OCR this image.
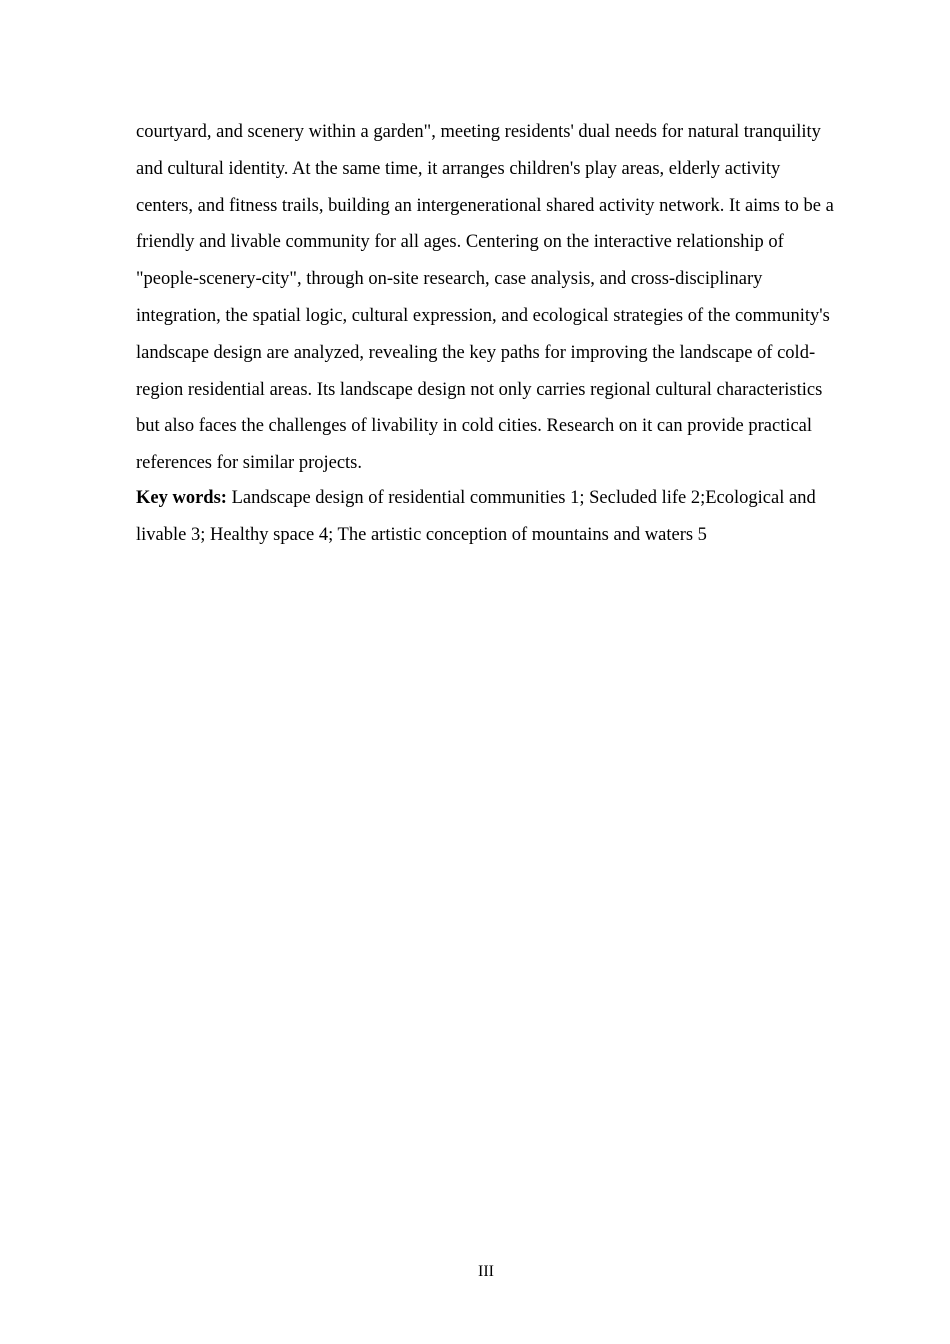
courtyard, and scenery within a garden", meeting residents' dual needs for natural tranquility and cultural identity. At the same time, it arranges children's play areas, elderly activity centers, and fitness trails, building an intergenerational shared activity network. It aims to be a friendly and livable community for all ages. Centering on the interactive relationship of "people-scenery-city", through on-site research, case analysis, and cross-disciplinary integration, the spatial logic, cultural expression, and ecological strategies of the community's landscape design are analyzed, revealing the key paths for improving the landscape of cold-region residential areas. Its landscape design not only carries regional cultural characteristics but also faces the challenges of livability in cold cities. Research on it can provide practical references for similar projects.

Key words: Landscape design of residential communities 1; Secluded life 2;Ecological and livable 3; Healthy space 4; The artistic conception of mountains and waters 5

III
